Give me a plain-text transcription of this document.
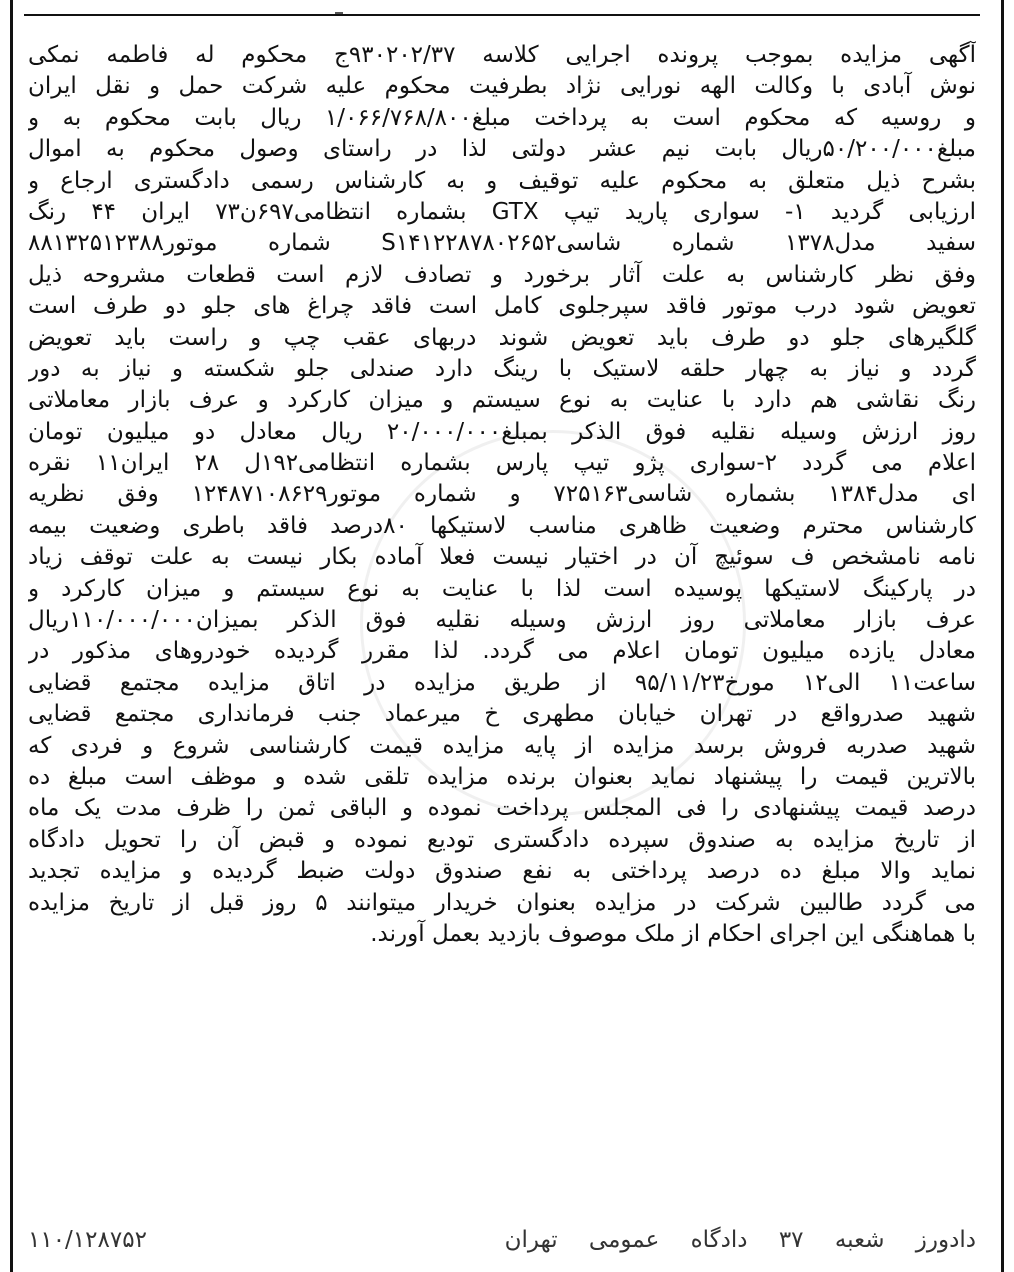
آگهی مزایده بموجب پرونده اجرایی کلاسه ۹۳۰۲۰۲/۳۷ج محکوم له فاطمه نمکی
نوش آبادی با وکالت الهه نورایی نژاد بطرفیت محکوم علیه شرکت حمل و نقل ایران
و روسیه که محکوم است به پرداخت مبلغ۱/۰۶۶/۷۶۸/۸۰۰ ریال بابت محکوم به و
مبلغ۵۰/۲۰۰/۰۰۰ریال بابت نیم عشر دولتی لذا در راستای وصول محکوم به اموال
بشرح ذیل متعلق به محکوم علیه توقیف و به کارشناس رسمی دادگستری ارجاع و
ارزیابی گردید ۱- سواری پارید تیپ GTX بشماره انتظامی۶۹۷ن۷۳ ایران ۴۴ رنگ
سفید مدل۱۳۷۸ شماره شاسیS۱۴۱۲۲۸۷۸۰۲۶۵۲ شماره موتور۸۸۱۳۲۵۱۲۳۸۸
وفق نظر کارشناس به علت آثار برخورد و تصادف لازم است قطعات مشروحه ذیل
تعویض شود درب موتور فاقد سپرجلوی کامل است فاقد چراغ های جلو دو طرف است
گلگیرهای جلو دو طرف باید تعویض شوند دربهای عقب چپ و راست باید تعویض
گردد و نیاز به چهار حلقه لاستیک با رینگ دارد صندلی جلو شکسته و نیاز به دور
رنگ نقاشی هم دارد با عنایت به نوع سیستم و میزان کارکرد و عرف بازار معاملاتی
روز ارزش وسیله نقلیه فوق الذکر بمبلغ۲۰/۰۰۰/۰۰۰ ریال معادل دو میلیون تومان
اعلام می گردد ۲-سواری پژو تیپ پارس بشماره انتظامی۱۹۲ل ۲۸ ایران۱۱ نقره
ای مدل۱۳۸۴ بشماره شاسی۷۲۵۱۶۳ و شماره موتور۱۲۴۸۷۱۰۸۶۲۹ وفق نظریه
کارشناس محترم وضعیت ظاهری مناسب لاستیکها ۸۰درصد فاقد باطری وضعیت بیمه
نامه نامشخص ف سوئیچ آن در اختیار نیست فعلا آماده بکار نیست به علت توقف زیاد
در پارکینگ لاستیکها پوسیده است لذا با عنایت به نوع سیستم و میزان کارکرد و
عرف بازار معاملاتی روز ارزش وسیله نقلیه فوق الذکر بمیزان۱۱۰/۰۰۰/۰۰۰ریال
معادل یازده میلیون تومان اعلام می گردد. لذا مقرر گردیده خودروهای مذکور در
ساعت۱۱ الی۱۲ مورخ۹۵/۱۱/۲۳ از طریق مزایده در اتاق مزایده مجتمع قضایی
شهید صدرواقع در تهران خیابان مطهری خ میرعماد جنب فرمانداری مجتمع قضایی
شهید صدربه فروش برسد مزایده از پایه مزایده قیمت کارشناسی شروع و فردی که
بالاترین قیمت را پیشنهاد نماید بعنوان برنده مزایده تلقی شده و موظف است مبلغ ده
درصد قیمت پیشنهادی را فی المجلس پرداخت نموده و الباقی ثمن را ظرف مدت یک ماه
از تاریخ مزایده به صندوق سپرده دادگستری تودیع نموده و قبض آن را تحویل دادگاه
نماید والا مبلغ ده درصد پرداختی به نفع صندوق دولت ضبط گردیده و مزایده تجدید
می گردد طالبین شرکت در مزایده بعنوان خریدار میتوانند ۵ روز قبل از تاریخ مزایده
با هماهنگی این اجرای احکام از ملک موصوف بازدید بعمل آورند.
دادورز شعبه ۳۷ دادگاه عمومی تهران
۱۱۰/۱۲۸۷۵۲
